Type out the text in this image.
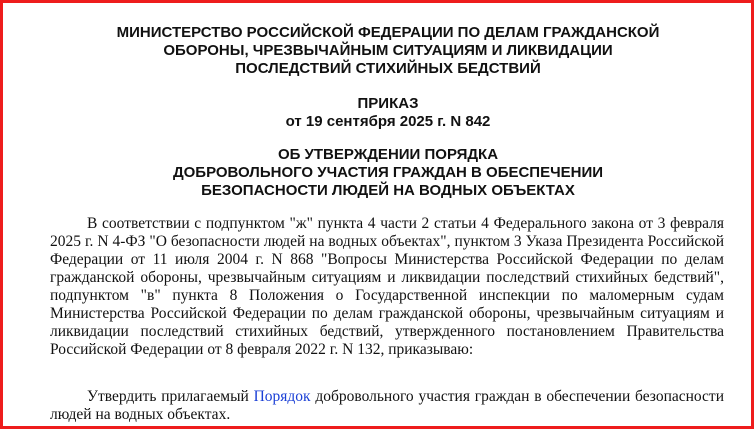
МИНИСТЕРСТВО РОССИЙСКОЙ ФЕДЕРАЦИИ ПО ДЕЛАМ ГРАЖДАНСКОЙ
ОБОРОНЫ, ЧРЕЗВЫЧАЙНЫМ СИТУАЦИЯМ И ЛИКВИДАЦИИ
ПОСЛЕДСТВИЙ СТИХИЙНЫХ БЕДСТВИЙ
ПРИКАЗ
от 19 сентября 2025 г. N 842
ОБ УТВЕРЖДЕНИИ ПОРЯДКА
ДОБРОВОЛЬНОГО УЧАСТИЯ ГРАЖДАН В ОБЕСПЕЧЕНИИ
БЕЗОПАСНОСТИ ЛЮДЕЙ НА ВОДНЫХ ОБЪЕКТАХ

В соответствии с подпунктом "ж" пункта 4 части 2 статьи 4 Федерального закона от 3 февраля 2025 г. N 4-ФЗ "О безопасности людей на водных объектах", пунктом 3 Указа Президента Российской Федерации от 11 июля 2004 г. N 868 "Вопросы Министерства Российской Федерации по делам гражданской обороны, чрезвычайным ситуациям и ликвидации последствий стихийных бедствий", подпунктом "в" пункта 8 Положения о Государственной инспекции по маломерным судам Министерства Российской Федерации по делам гражданской обороны, чрезвычайным ситуациям и ликвидации последствий стихийных бедствий, утвержденного постановлением Правительства Российской Федерации от 8 февраля 2022 г. N 132, приказываю:

Утвердить прилагаемый Порядок добровольного участия граждан в обеспечении безопасности людей на водных объектах.
